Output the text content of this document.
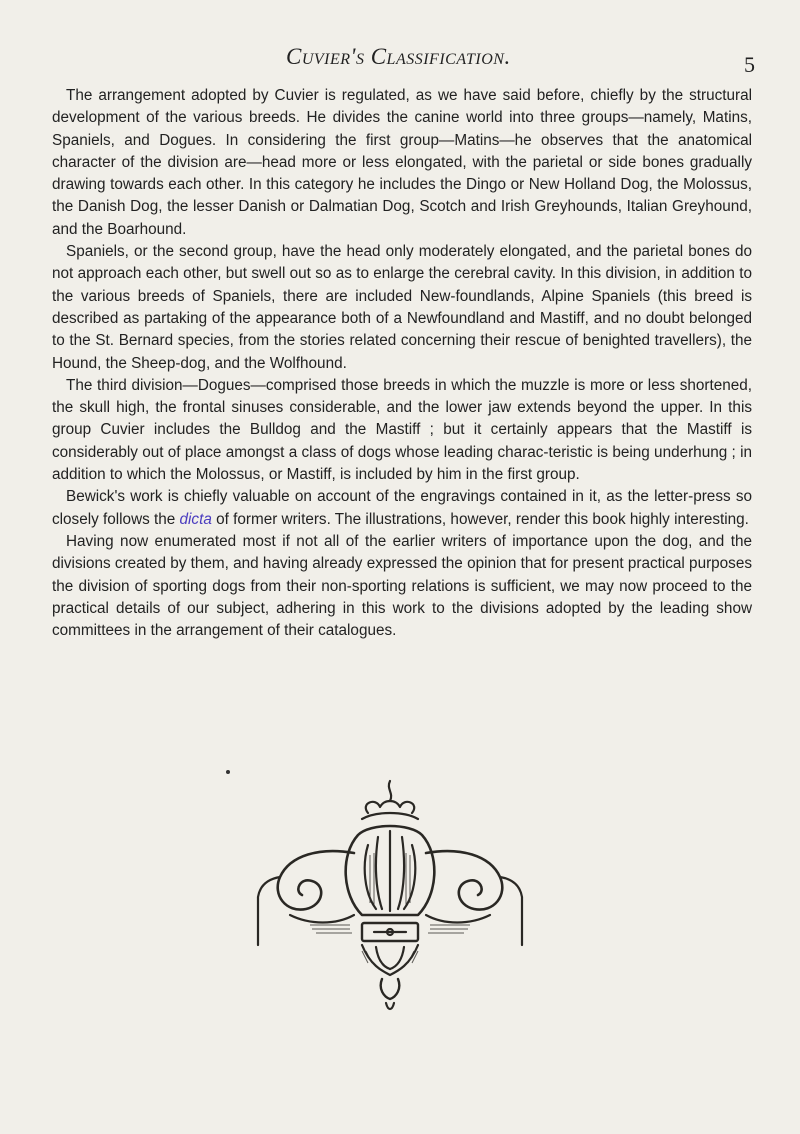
Cuvier's Classification.	5

The arrangement adopted by Cuvier is regulated, as we have said before, chiefly by the structural development of the various breeds. He divides the canine world into three groups—namely, Matins, Spaniels, and Dogues. In considering the first group—Matins—he observes that the anatomical character of the division are—head more or less elongated, with the parietal or side bones gradually drawing towards each other. In this category he includes the Dingo or New Holland Dog, the Molossus, the Danish Dog, the lesser Danish or Dalmatian Dog, Scotch and Irish Greyhounds, Italian Greyhound, and the Boarhound.

Spaniels, or the second group, have the head only moderately elongated, and the parietal bones do not approach each other, but swell out so as to enlarge the cerebral cavity. In this division, in addition to the various breeds of Spaniels, there are included New-foundlands, Alpine Spaniels (this breed is described as partaking of the appearance both of a Newfoundland and Mastiff, and no doubt belonged to the St. Bernard species, from the stories related concerning their rescue of benighted travellers), the Hound, the Sheep-dog, and the Wolfhound.

The third division—Dogues—comprised those breeds in which the muzzle is more or less shortened, the skull high, the frontal sinuses considerable, and the lower jaw extends beyond the upper. In this group Cuvier includes the Bulldog and the Mastiff ; but it certainly appears that the Mastiff is considerably out of place amongst a class of dogs whose leading charac-teristic is being underhung ; in addition to which the Molossus, or Mastiff, is included by him in the first group.

Bewick's work is chiefly valuable on account of the engravings contained in it, as the letter-press so closely follows the dicta of former writers. The illustrations, however, render this book highly interesting.

Having now enumerated most if not all of the earlier writers of importance upon the dog, and the divisions created by them, and having already expressed the opinion that for present practical purposes the division of sporting dogs from their non-sporting relations is sufficient, we may now proceed to the practical details of our subject, adhering in this work to the divisions adopted by the leading show committees in the arrangement of their catalogues.
